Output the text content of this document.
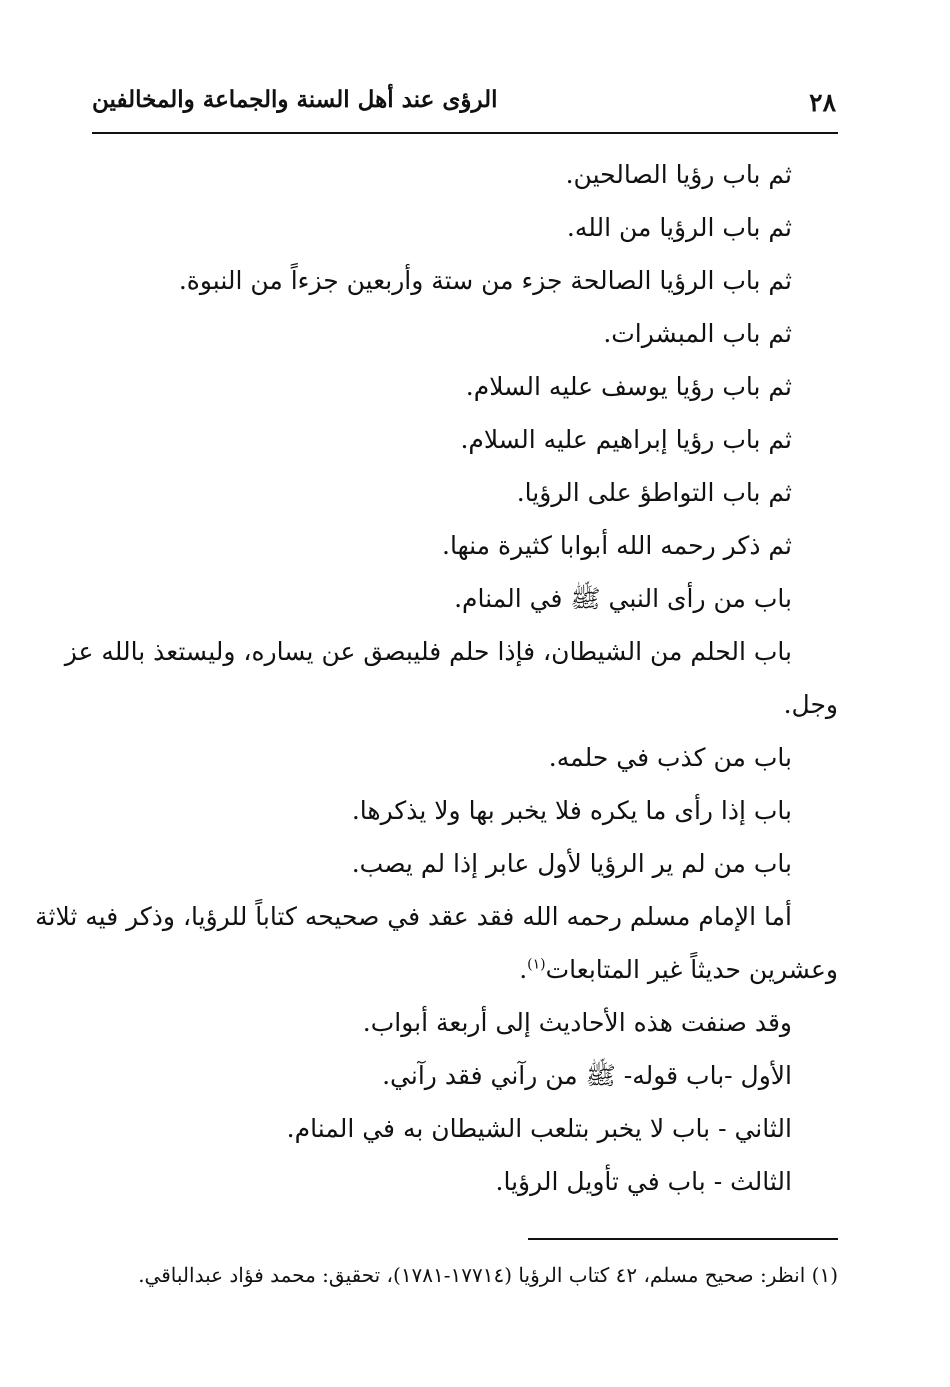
٢٨
الرؤى عند أهل السنة والجماعة والمخالفين
ثم باب رؤيا الصالحين.
ثم باب الرؤيا من الله.
ثم باب الرؤيا الصالحة جزء من ستة وأربعين جزءاً من النبوة.
ثم باب المبشرات.
ثم باب رؤيا يوسف عليه السلام.
ثم باب رؤيا إبراهيم عليه السلام.
ثم باب التواطؤ على الرؤيا.
ثم ذكر رحمه الله أبوابا كثيرة منها.
باب من رأى النبي ﷺ في المنام.
باب الحلم من الشيطان، فإذا حلم فليبصق عن يساره، وليستعذ بالله عز
وجل.
باب من كذب في حلمه.
باب إذا رأى ما يكره فلا يخبر بها ولا يذكرها.
باب من لم ير الرؤيا لأول عابر إذا لم يصب.
أما الإمام مسلم رحمه الله فقد عقد في صحيحه كتاباً للرؤيا، وذكر فيه ثلاثة
وعشرين حديثاً غير المتابعات$^{(١)}$.
وقد صنفت هذه الأحاديث إلى أربعة أبواب.
الأول -باب قوله- ﷺ من رآني فقد رآني.
الثاني - باب لا يخبر بتلعب الشيطان به في المنام.
الثالث - باب في تأويل الرؤيا.
(١) انظر: صحيح مسلم، ٤٢ كتاب الرؤيا (١٧٧١٤-١٧٨١)، تحقيق: محمد فؤاد عبدالباقي.
